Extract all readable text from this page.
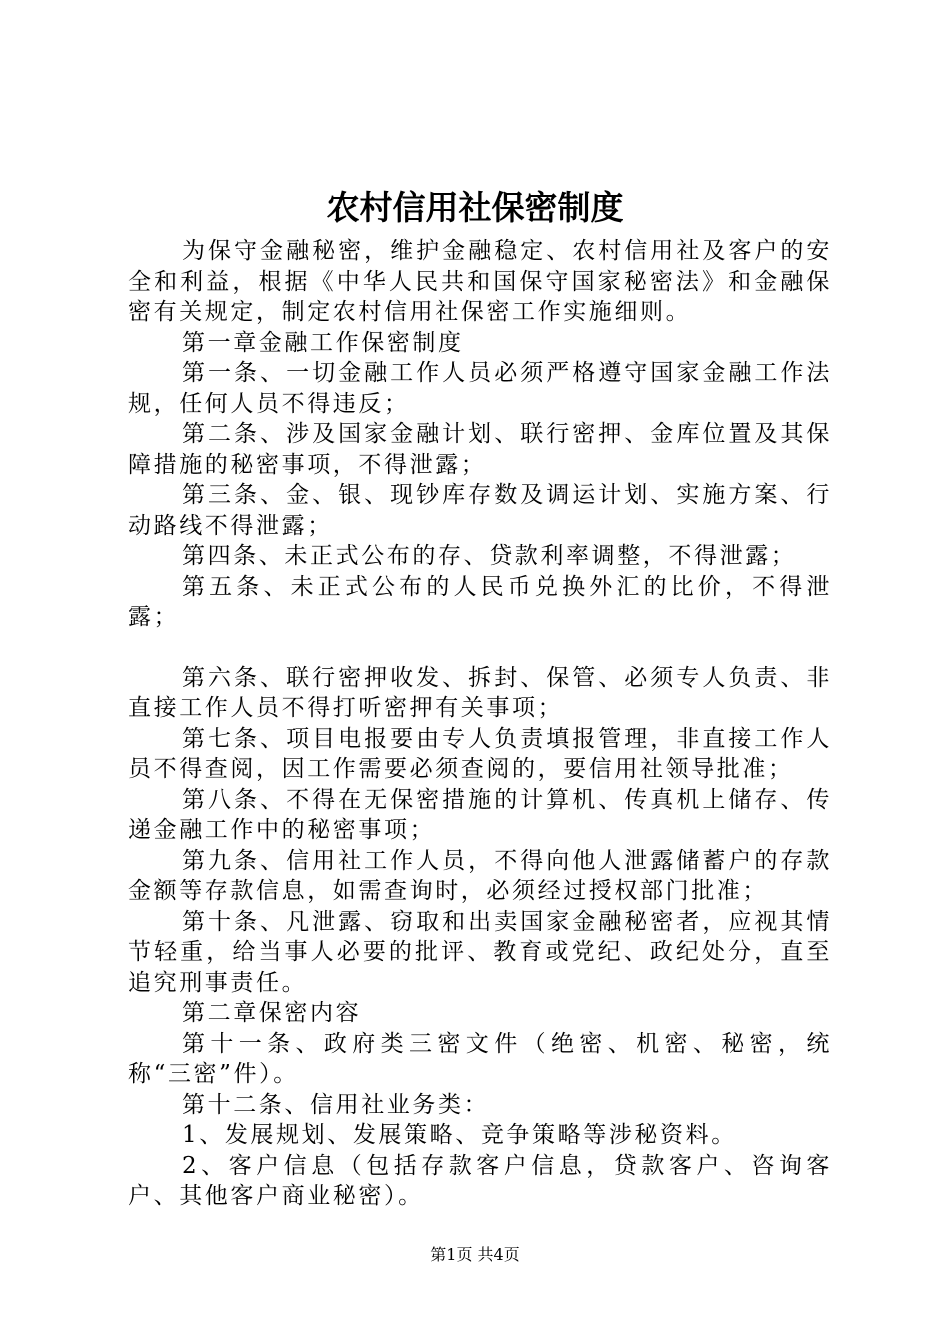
农村信用社保密制度

为保守金融秘密，维护金融稳定、农村信用社及客户的安全和利益，根据《中华人民共和国保守国家秘密法》和金融保密有关规定，制定农村信用社保密工作实施细则。

第一章金融工作保密制度

第一条、一切金融工作人员必须严格遵守国家金融工作法规，任何人员不得违反；

第二条、涉及国家金融计划、联行密押、金库位置及其保障措施的秘密事项，不得泄露；

第三条、金、银、现钞库存数及调运计划、实施方案、行动路线不得泄露；

第四条、未正式公布的存、贷款利率调整，不得泄露；

第五条、未正式公布的人民币兑换外汇的比价，不得泄露；

第六条、联行密押收发、拆封、保管、必须专人负责、非直接工作人员不得打听密押有关事项；

第七条、项目电报要由专人负责填报管理，非直接工作人员不得查阅，因工作需要必须查阅的，要信用社领导批准；

第八条、不得在无保密措施的计算机、传真机上储存、传递金融工作中的秘密事项；

第九条、信用社工作人员，不得向他人泄露储蓄户的存款金额等存款信息，如需查询时，必须经过授权部门批准；

第十条、凡泄露、窃取和出卖国家金融秘密者，应视其情节轻重，给当事人必要的批评、教育或党纪、政纪处分，直至追究刑事责任。

第二章保密内容

第十一条、政府类三密文件（绝密、机密、秘密，统称“三密”件）。

第十二条、信用社业务类：

1、发展规划、发展策略、竞争策略等涉秘资料。

2、客户信息（包括存款客户信息，贷款客户、咨询客户、其他客户商业秘密）。

第1页 共4页
